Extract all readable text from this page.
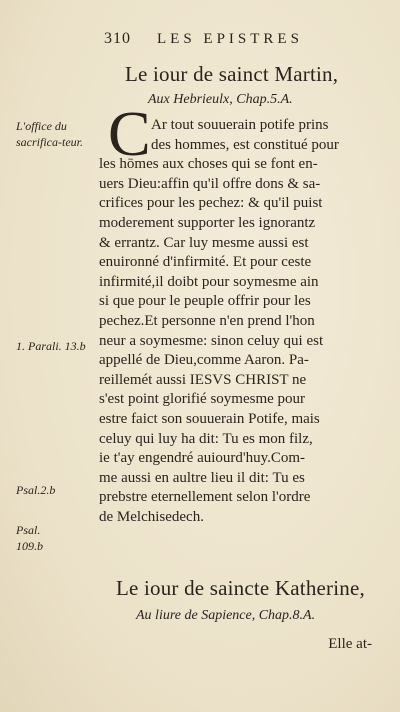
310 LES EPISTRES
Le iour de sainct Martin,
Aux Hebrieulx, Chap.5.A.
L'office du sacrifica-teur.
1. Parali. 13.b
Psal.2.b
Psal. 109.b
C Ar tout souuerain potife prins
des hommes, est constitué pour
les hōmes aux choses qui se font en-
uers Dieu:affin qu'il offre dons & sa-
crifices pour les pechez: & qu'il puist
moderement supporter les ignorantz
& errantz. Car luy mesme aussi est
enuironné d'infirmité. Et pour ceste
infirmité,il doibt pour soymesme ain
si que pour le peuple offrir pour les
pechez.Et personne n'en prend l'hon
neur a soymesme: sinon celuy qui est
appellé de Dieu,comme Aaron. Pa-
reillemét aussi IESVS CHRIST ne
s'est point glorifié soymesme pour
estre faict son souuerain Potife, mais
celuy qui luy ha dit: Tu es mon filz,
ie t'ay engendré auiourd'huy.Com-
me aussi en aultre lieu il dit: Tu es
prebstre eternellement selon l'ordre
de Melchisedech.
Le iour de saincte Katherine,
Au liure de Sapience, Chap.8.A.
Elle at-
